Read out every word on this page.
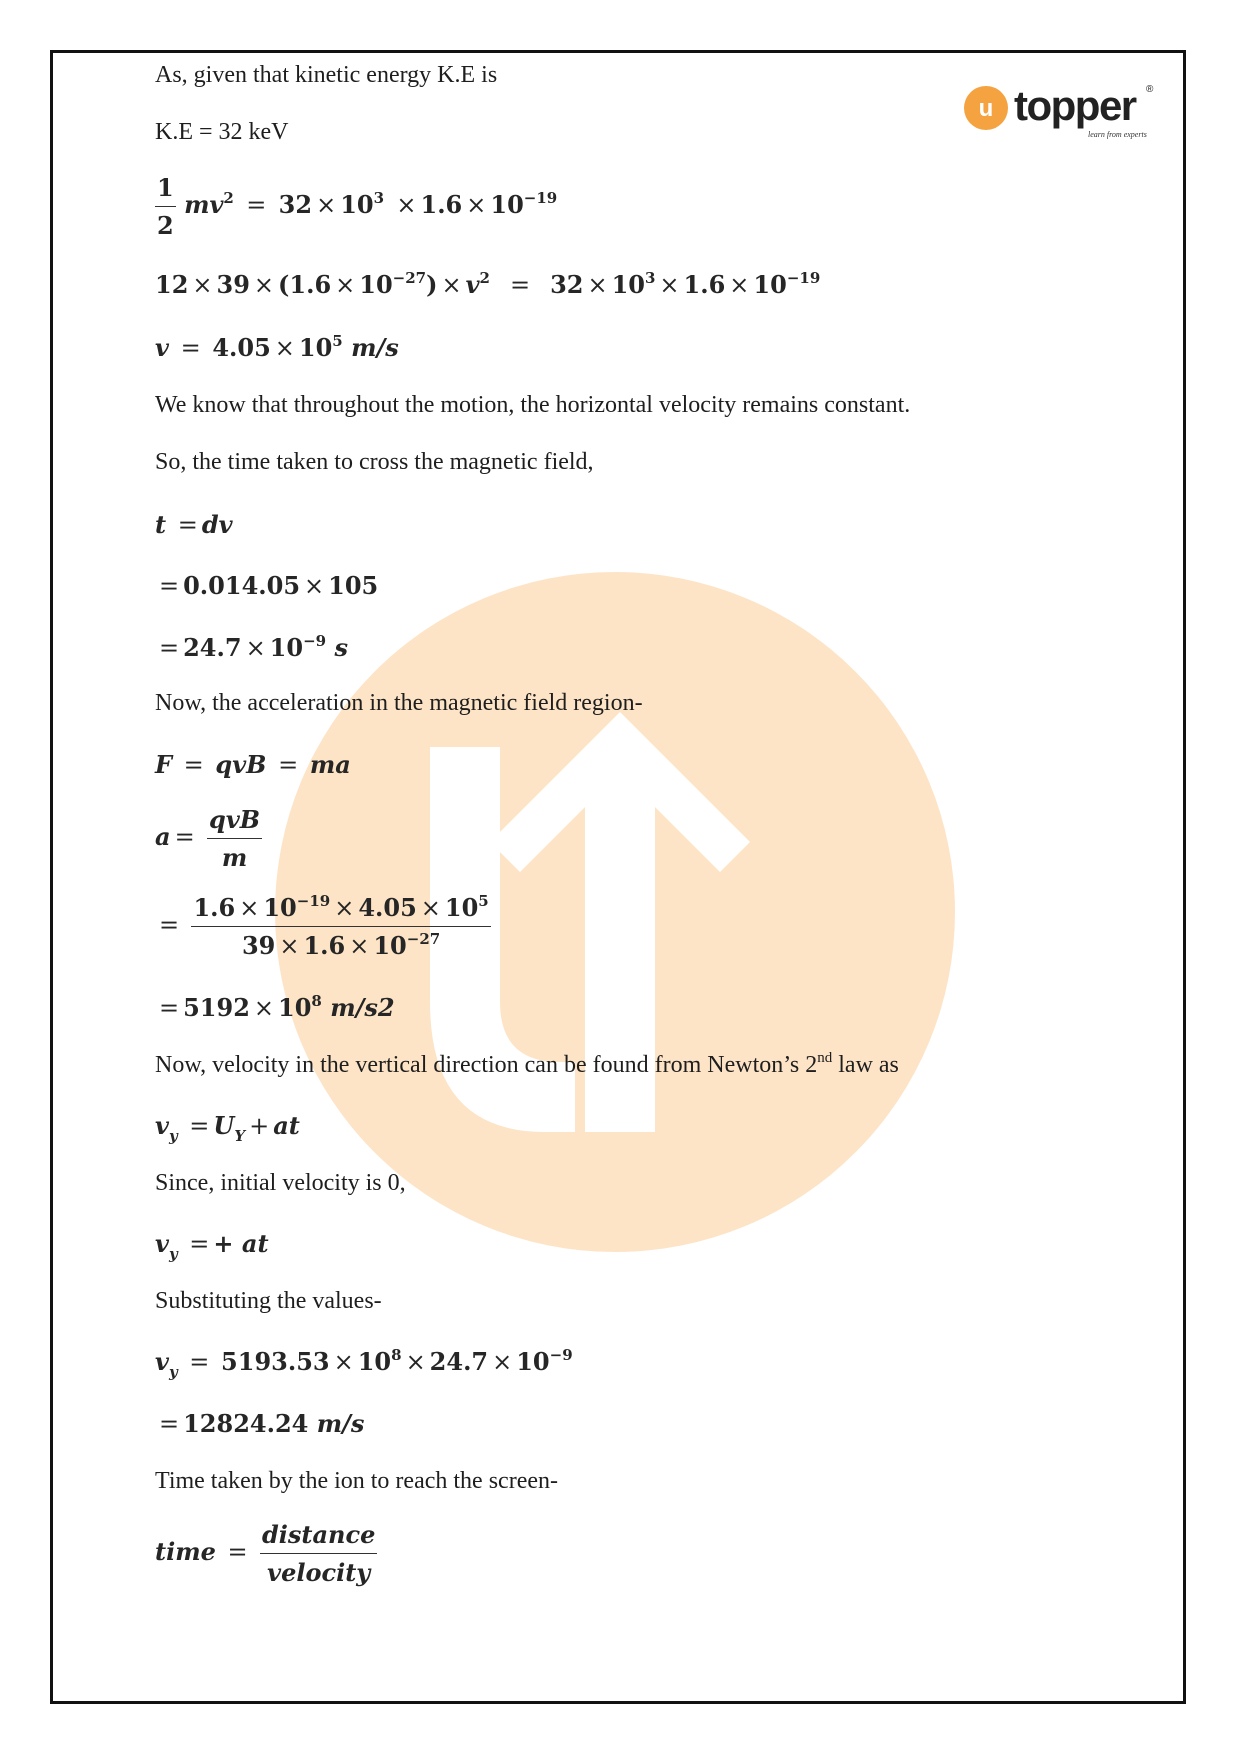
u
®
topper
learn from experts
As, given that kinetic energy K.E is
K.E = 32 keV
$\frac{1}{2} mv^2 = 32 \times 10^3 \times 1.6 \times 10^{-19}$
$12 \times 39 \times (1.6 \times 10^{-27}) \times v^2 = 32 \times 10^3 \times 1.6 \times 10^{-19}$
$v = 4.05 \times 10^5$ m/s
We know that throughout the motion, the horizontal velocity remains constant.
So, the time taken to cross the magnetic field,
t = dv
= 0.014.05 × 105
= $24.7 \times 10^{-9}$ s
Now, the acceleration in the magnetic field region-
F = qvB = ma
$a = \frac{\text{qvB}}{m}$
= $\frac{1.6 \times 10^{-19} \times 4.05 \times 10^5}{39 \times 1.6 \times 10^{-27}}$
= $5192 \times 10^8$ m/s2
Now, velocity in the vertical direction can be found from Newton’s 2nd law as
$v_y = U_Y$ + at
Since, initial velocity is 0,
$v_y$ = + at
Substituting the values-
$v_y = 5193.53 \times 10^8 \times 24.7 \times 10^{-9}$
= 12824.24 m/s
Time taken by the ion to reach the screen-
time = $\frac{\text{distance}}{\text{velocity}}$
